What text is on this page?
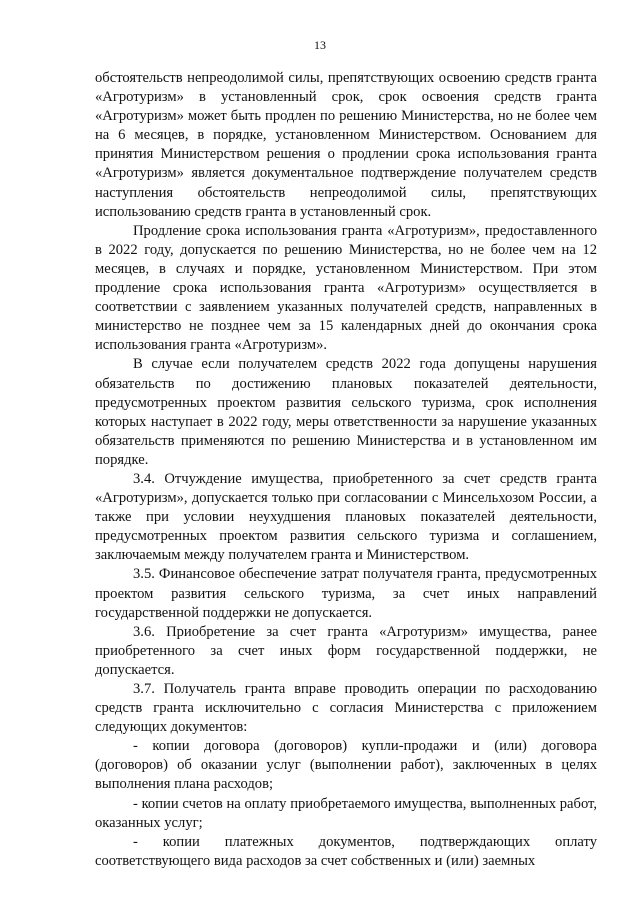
13

обстоятельств непреодолимой силы, препятствующих освоению средств гранта «Агротуризм» в установленный срок, срок освоения средств гранта «Агротуризм» может быть продлен по решению Министерства, но не более чем на 6 месяцев, в порядке, установленном Министерством. Основанием для принятия Министерством решения о продлении срока использования гранта «Агротуризм» является документальное подтверждение получателем средств наступления обстоятельств непреодолимой силы, препятствующих использованию средств гранта в установленный срок.

Продление срока использования гранта «Агротуризм», предоставленного в 2022 году, допускается по решению Министерства, но не более чем на 12 месяцев, в случаях и порядке, установленном Министерством. При этом продление срока использования гранта «Агротуризм» осуществляется в соответствии с заявлением указанных получателей средств, направленных в министерство не позднее чем за 15 календарных дней до окончания срока использования гранта «Агротуризм».

В случае если получателем средств 2022 года допущены нарушения обязательств по достижению плановых показателей деятельности, предусмотренных проектом развития сельского туризма, срок исполнения которых наступает в 2022 году, меры ответственности за нарушение указанных обязательств применяются по решению Министерства и в установленном им порядке.

3.4. Отчуждение имущества, приобретенного за счет средств гранта «Агротуризм», допускается только при согласовании с Минсельхозом России, а также при условии неухудшения плановых показателей деятельности, предусмотренных проектом развития сельского туризма и соглашением, заключаемым между получателем гранта и Министерством.

3.5. Финансовое обеспечение затрат получателя гранта, предусмотренных проектом развития сельского туризма, за счет иных направлений государственной поддержки не допускается.

3.6. Приобретение за счет гранта «Агротуризм» имущества, ранее приобретенного за счет иных форм государственной поддержки, не допускается.

3.7. Получатель гранта вправе проводить операции по расходованию средств гранта исключительно с согласия Министерства с приложением следующих документов:

- копии договора (договоров) купли-продажи и (или) договора (договоров) об оказании услуг (выполнении работ), заключенных в целях выполнения плана расходов;

- копии счетов на оплату приобретаемого имущества, выполненных работ, оказанных услуг;

- копии платежных документов, подтверждающих оплату соответствующего вида расходов за счет собственных и (или) заемных
